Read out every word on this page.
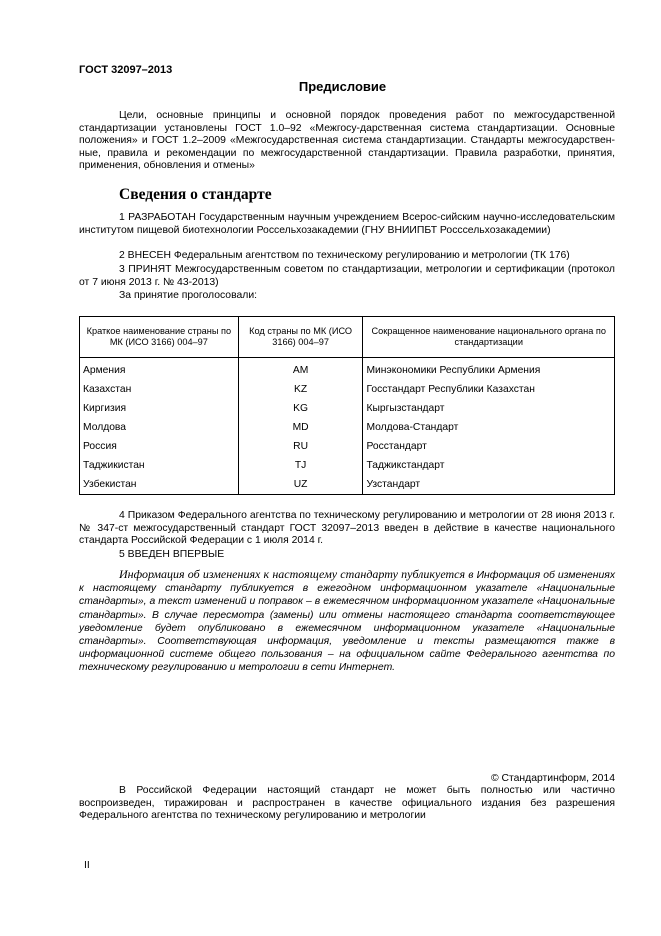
ГОСТ 32097–2013
Предисловие
Цели, основные принципы и основной порядок проведения работ по межгосударственной стандартизации установлены ГОСТ 1.0–92 «Межгосу-дарственная система стандартизации. Основные положения» и ГОСТ 1.2–2009 «Межгосударственная система стандартизации. Стандарты межгосударствен-ные, правила и рекомендации по межгосударственной стандартизации. Правила разработки, принятия, применения, обновления и отмены»
Сведения о стандарте
1 РАЗРАБОТАН Государственным научным учреждением Всерос-сийским научно-исследовательским институтом пищевой биотехнологии Россельхозакадемии (ГНУ ВНИИПБТ Росссельхозакадемии)
2 ВНЕСЕН Федеральным агентством по техническому регулированию и метрологии (ТК 176)
3 ПРИНЯТ Межгосударственным советом по стандартизации, метрологии и сертификации (протокол от 7 июня 2013 г. № 43-2013)
За принятие проголосовали:
Краткое наименование страны по МК (ИСО 3166) 004–97	Код страны по МК (ИСО 3166) 004–97	Сокращенное наименование национального органа по стандартизации
Армения	AM	Минэкономики Республики Армения
Казахстан	KZ	Госстандарт Республики Казахстан
Киргизия	KG	Кыргызстандарт
Молдова	MD	Молдова-Стандарт
Россия	RU	Росстандарт
Таджикистан	TJ	Таджикстандарт
Узбекистан	UZ	Узстандарт
4 Приказом Федерального агентства по техническому регулированию и метрологии от 28 июня 2013 г. № 347-ст межгосударственный стандарт ГОСТ 32097–2013 введен в действие в качестве национального стандарта Российской Федерации с 1 июля 2014 г.
5 ВВЕДЕН ВПЕРВЫЕ
Информация об изменениях к настоящему стандарту публикуется в Информация об изменениях к настоящему стандарту публикуется в ежегодном информационном указателе «Национальные стандарты», а текст изменений и поправок – в ежемесячном информационном указателе «Национальные стандарты». В случае пересмотра (замены) или отмены настоящего стандарта соответствующее уведомление будет опубликовано в ежемесячном информационном указателе «Национальные стандарты». Соответствующая информация, уведомление и тексты размещаются также в информационной системе общего пользования – на официальном сайте Федерального агентства по техническому регулированию и метрологии в сети Интернет.
© Стандартинформ, 2014
В Российской Федерации настоящий стандарт не может быть полностью или частично воспроизведен, тиражирован и распространен в качестве официального издания без разрешения Федерального агентства по техническому регулированию и метрологии
II
